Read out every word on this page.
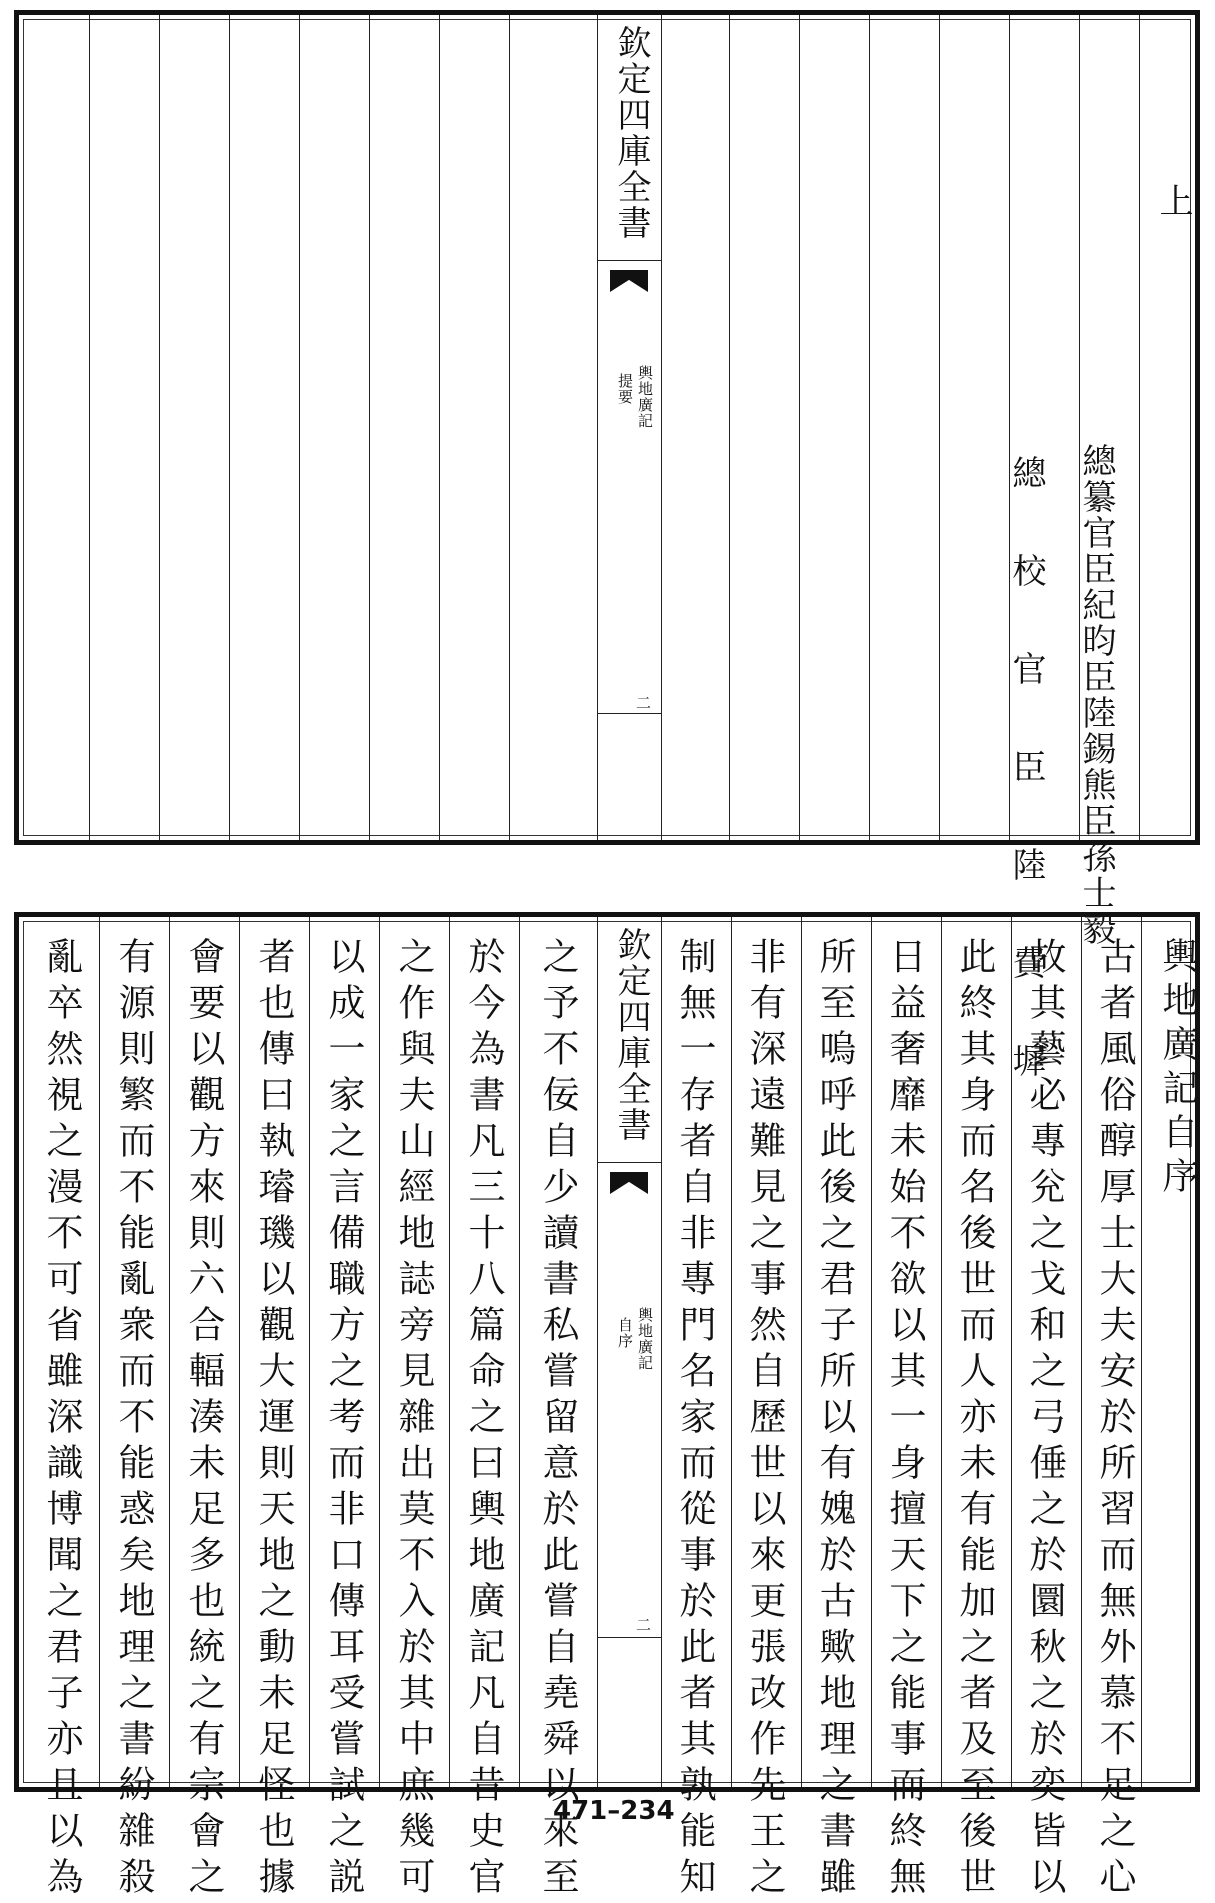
欽定四庫全書
輿地廣記
提要
二
上
總纂官臣紀昀臣陸錫熊臣孫士毅
總 校 官 臣 陸 費 墀
欽定四庫全書
輿地廣記
自序
二
輿地廣記自序
古者風俗醇厚士大夫安於所習而無外慕不足之心
故其藝必專兊之戈和之弓倕之於圜秋之於奕皆以
此終其身而名後世而人亦未有能加之者及至後世
日益奢靡未始不欲以其一身擅天下之能事而終無
所至嗚呼此後之君子所以有媿於古歟地理之書雖
非有深遠難見之事然自歷世以來更張改作先王之
制無一存者自非專門名家而從事於此者其孰能知
之予不佞自少讀書私嘗留意於此嘗自堯舜以來至
於今為書凡三十八篇命之曰輿地廣記凡自昔史官
之作與夫山經地誌旁見雜出莫不入於其中庶幾可
以成一家之言備職方之考而非口傳耳受嘗試之説
者也傳曰執璿璣以觀大運則天地之動未足怪也據
會要以觀方來則六合輻湊未足多也統之有宗會之
有源則繁而不能亂衆而不能惑矣地理之書紛雜殺
亂卒然視之漫不可省雖深識博聞之君子亦且以為	471–234
